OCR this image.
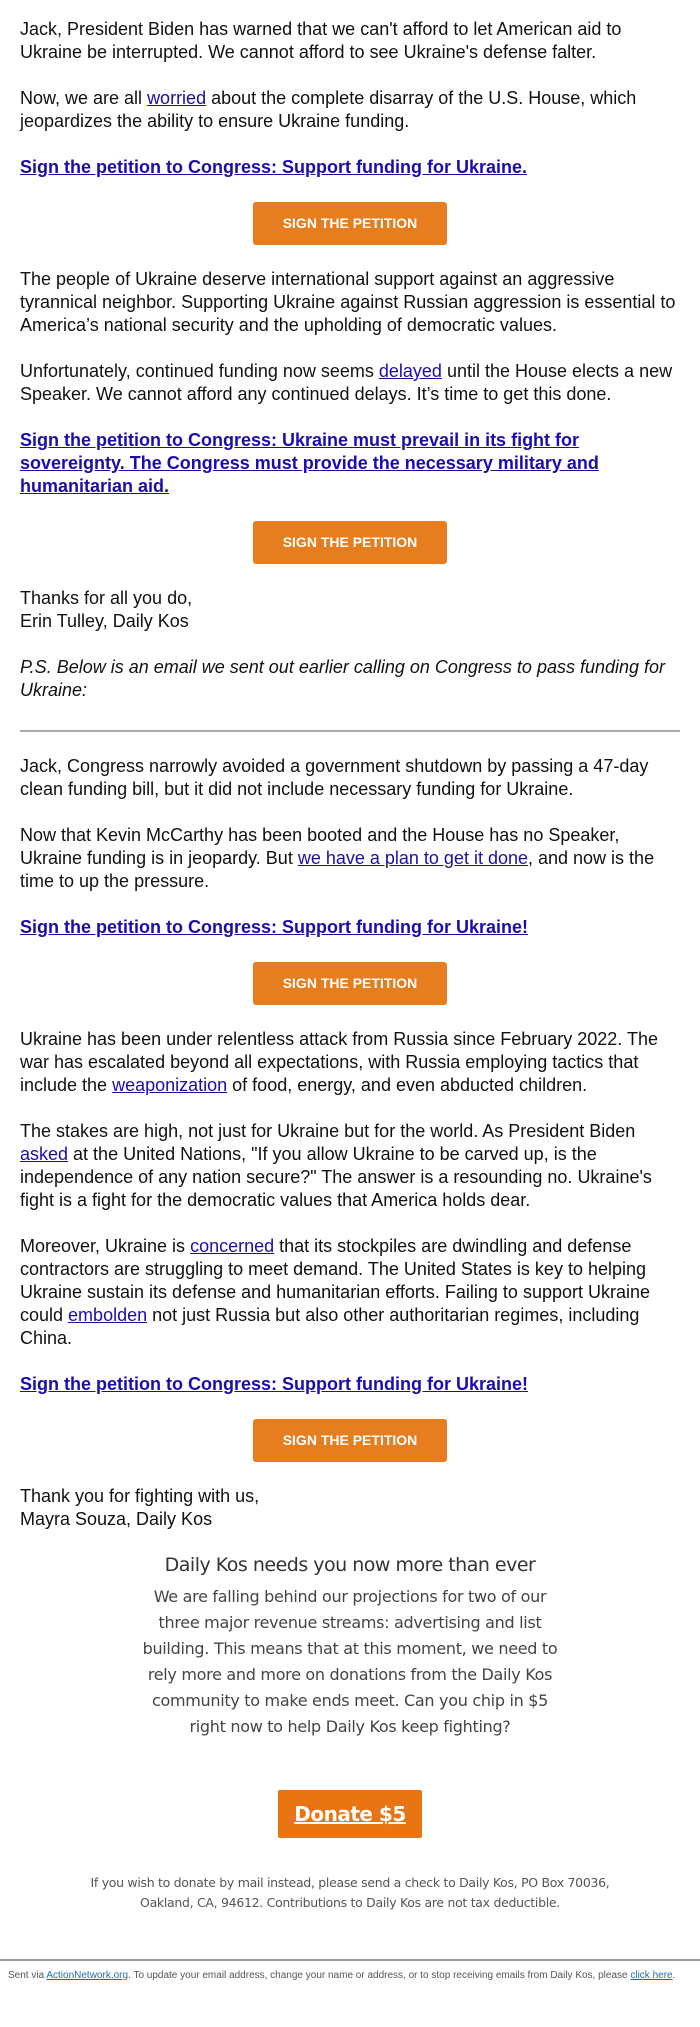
Jack, President Biden has warned that we can't afford to let American aid to Ukraine be interrupted. We cannot afford to see Ukraine's defense falter.

Now, we are all worried about the complete disarray of the U.S. House, which jeopardizes the ability to ensure Ukraine funding.

Sign the petition to Congress: Support funding for Ukraine.

SIGN THE PETITION

The people of Ukraine deserve international support against an aggressive tyrannical neighbor. Supporting Ukraine against Russian aggression is essential to America’s national security and the upholding of democratic values.

Unfortunately, continued funding now seems delayed until the House elects a new Speaker. We cannot afford any continued delays. It’s time to get this done.

Sign the petition to Congress: Ukraine must prevail in its fight for sovereignty. The Congress must provide the necessary military and humanitarian aid.

SIGN THE PETITION

Thanks for all you do,
Erin Tulley, Daily Kos

P.S. Below is an email we sent out earlier calling on Congress to pass funding for Ukraine:

Jack, Congress narrowly avoided a government shutdown by passing a 47-day clean funding bill, but it did not include necessary funding for Ukraine.

Now that Kevin McCarthy has been booted and the House has no Speaker, Ukraine funding is in jeopardy. But we have a plan to get it done, and now is the time to up the pressure.

Sign the petition to Congress: Support funding for Ukraine!

SIGN THE PETITION

Ukraine has been under relentless attack from Russia since February 2022. The war has escalated beyond all expectations, with Russia employing tactics that include the weaponization of food, energy, and even abducted children.

The stakes are high, not just for Ukraine but for the world. As President Biden asked at the United Nations, "If you allow Ukraine to be carved up, is the independence of any nation secure?" The answer is a resounding no. Ukraine's fight is a fight for the democratic values that America holds dear.

Moreover, Ukraine is concerned that its stockpiles are dwindling and defense contractors are struggling to meet demand. The United States is key to helping Ukraine sustain its defense and humanitarian efforts. Failing to support Ukraine could embolden not just Russia but also other authoritarian regimes, including China.

Sign the petition to Congress: Support funding for Ukraine!

SIGN THE PETITION

Thank you for fighting with us,
Mayra Souza, Daily Kos

Daily Kos needs you now more than ever
We are falling behind our projections for two of our three major revenue streams: advertising and list building. This means that at this moment, we need to rely more and more on donations from the Daily Kos community to make ends meet. Can you chip in $5 right now to help Daily Kos keep fighting?
Donate $5
If you wish to donate by mail instead, please send a check to Daily Kos, PO Box 70036, Oakland, CA, 94612. Contributions to Daily Kos are not tax deductible.
Sent via ActionNetwork.org. To update your email address, change your name or address, or to stop receiving emails from Daily Kos, please click here.
